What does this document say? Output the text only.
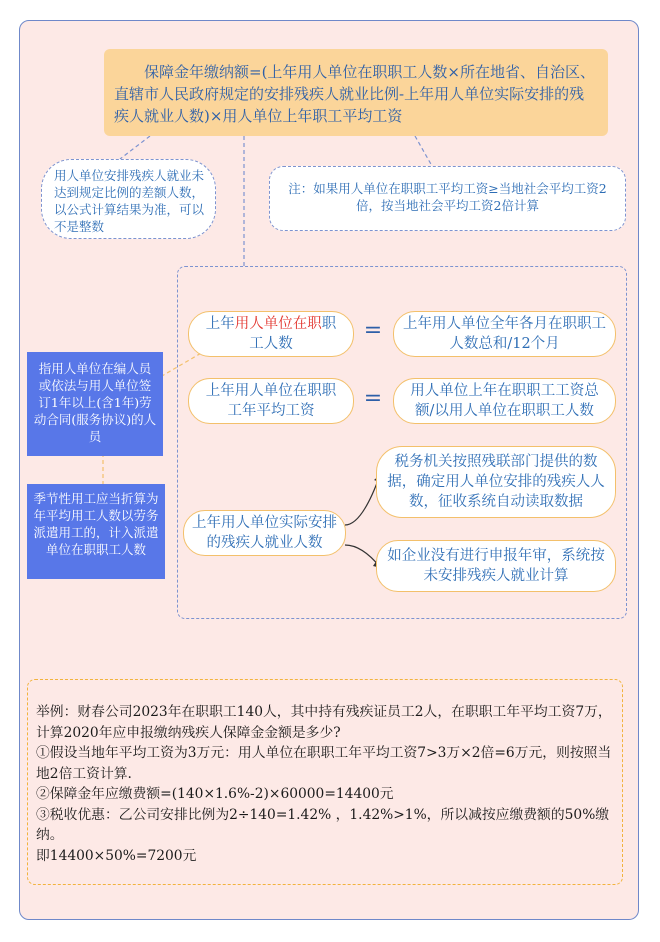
保障金年缴纳额=(上年用人单位在职职工人数×所在地省、自治区、直辖市人民政府规定的安排残疾人就业比例-上年用人单位实际安排的残疾人就业人数)×用人单位上年职工平均工资
用人单位安排残疾人就业未达到规定比例的差额人数，以公式计算结果为准，可以不是整数
注：如果用人单位在职职工平均工资≥当地社会平均工资2倍，按当地社会平均工资2倍计算
上年用人单位在职职工人数
=	上年用人单位全年各月在职职工人数总和/12个月
上年用人单位在职职工年平均工资	=	用人单位上年在职职工工资总额/以用人单位在职职工人数
上年用人单位实际安排的残疾人就业人数
税务机关按照残联部门提供的数据，确定用人单位安排的残疾人人数，征收系统自动读取数据
如企业没有进行申报年审，系统按未安排残疾人就业计算
指用人单位在编人员或依法与用人单位签订1年以上(含1年)劳动合同(服务协议)的人员
季节性用工应当折算为年平均用工人数以劳务派遣用工的，计入派遣单位在职职工人数
举例：财春公司2023年在职职工140人，其中持有残疾证员工2人，在职职工年平均工资7万，计算2020年应申报缴纳残疾人保障金金额是多少?
①假设当地年平均工资为3万元：用人单位在职职工年平均工资7>3万×2倍=6万元，则按照当地2倍工资计算.
②保障金年应缴费额=(140×1.6%-2)×60000=14400元
③税收优惠：乙公司安排比例为2÷140=1.42% ，1.42%>1%，所以减按应缴费额的50%缴纳。
即14400×50%=7200元
